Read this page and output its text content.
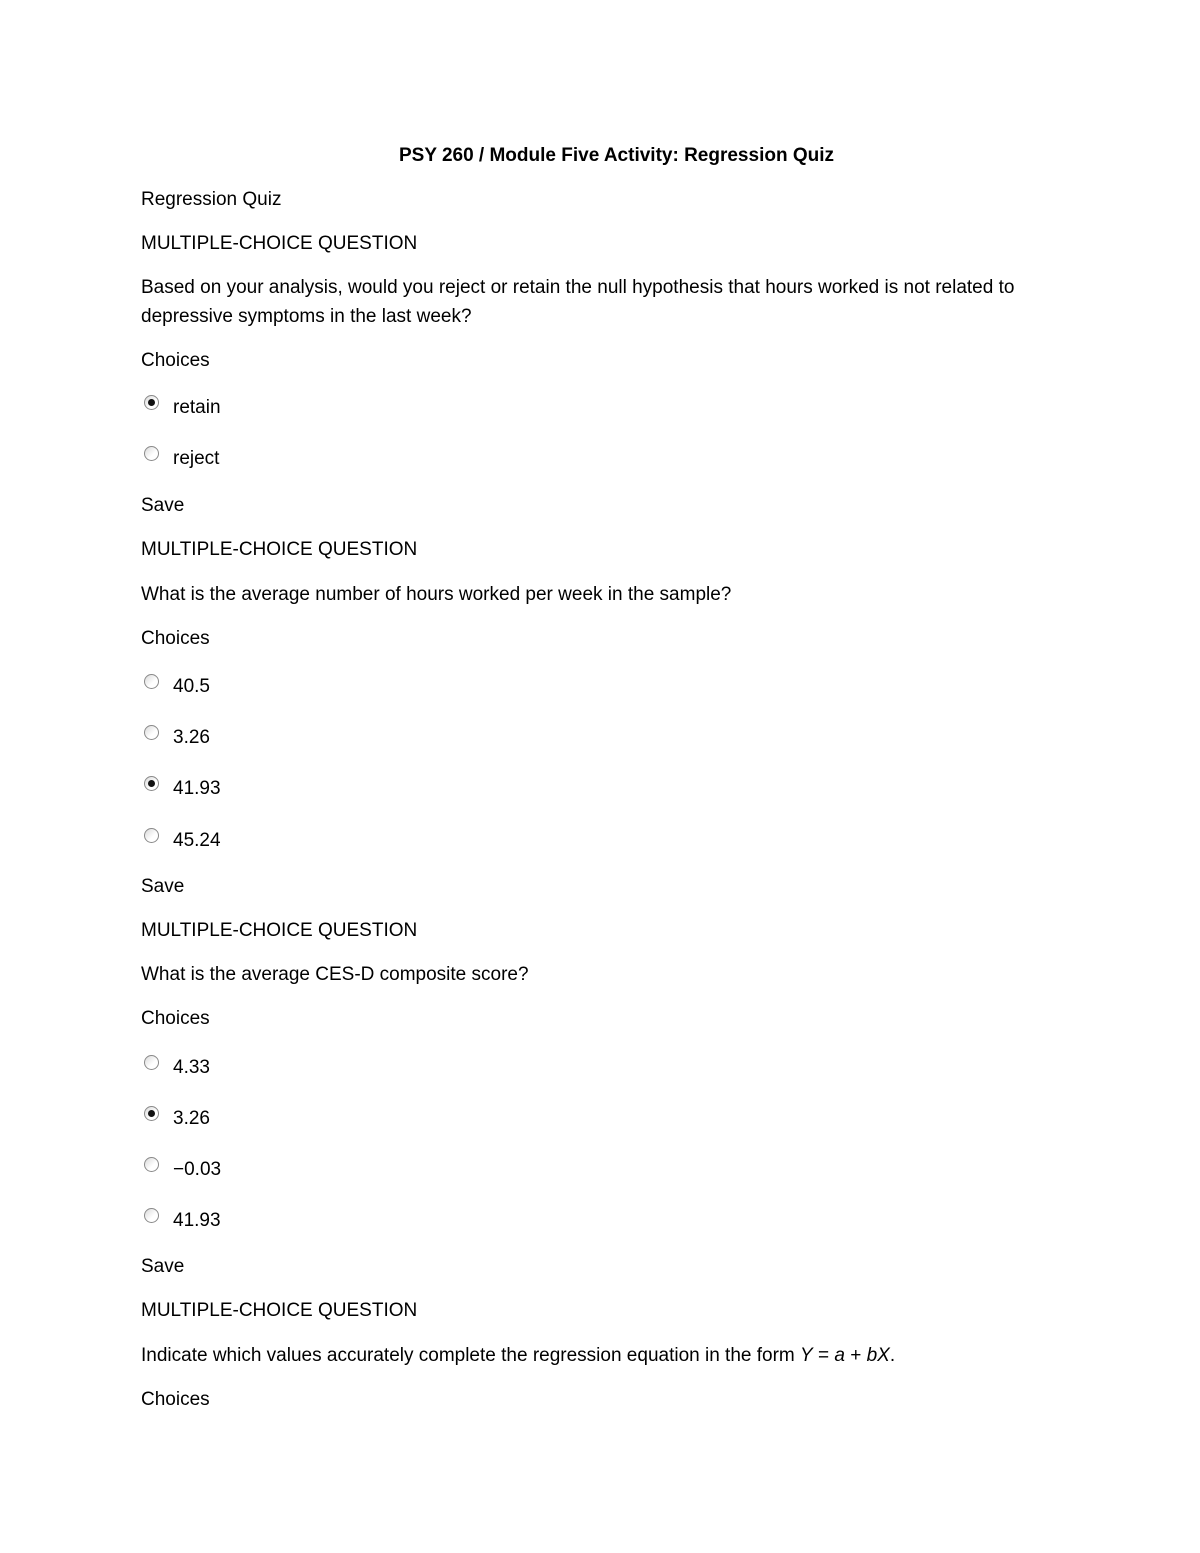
PSY 260 / Module Five Activity: Regression Quiz
Regression Quiz
MULTIPLE-CHOICE QUESTION
Based on your analysis, would you reject or retain the null hypothesis that hours worked is not related to depressive symptoms in the last week?
Choices
retain
reject
Save
MULTIPLE-CHOICE QUESTION
What is the average number of hours worked per week in the sample?
Choices
40.5
3.26
41.93
45.24
Save
MULTIPLE-CHOICE QUESTION
What is the average CES-D composite score?
Choices
4.33
3.26
−0.03
41.93
Save
MULTIPLE-CHOICE QUESTION
Indicate which values accurately complete the regression equation in the form Y = a + bX.
Choices
